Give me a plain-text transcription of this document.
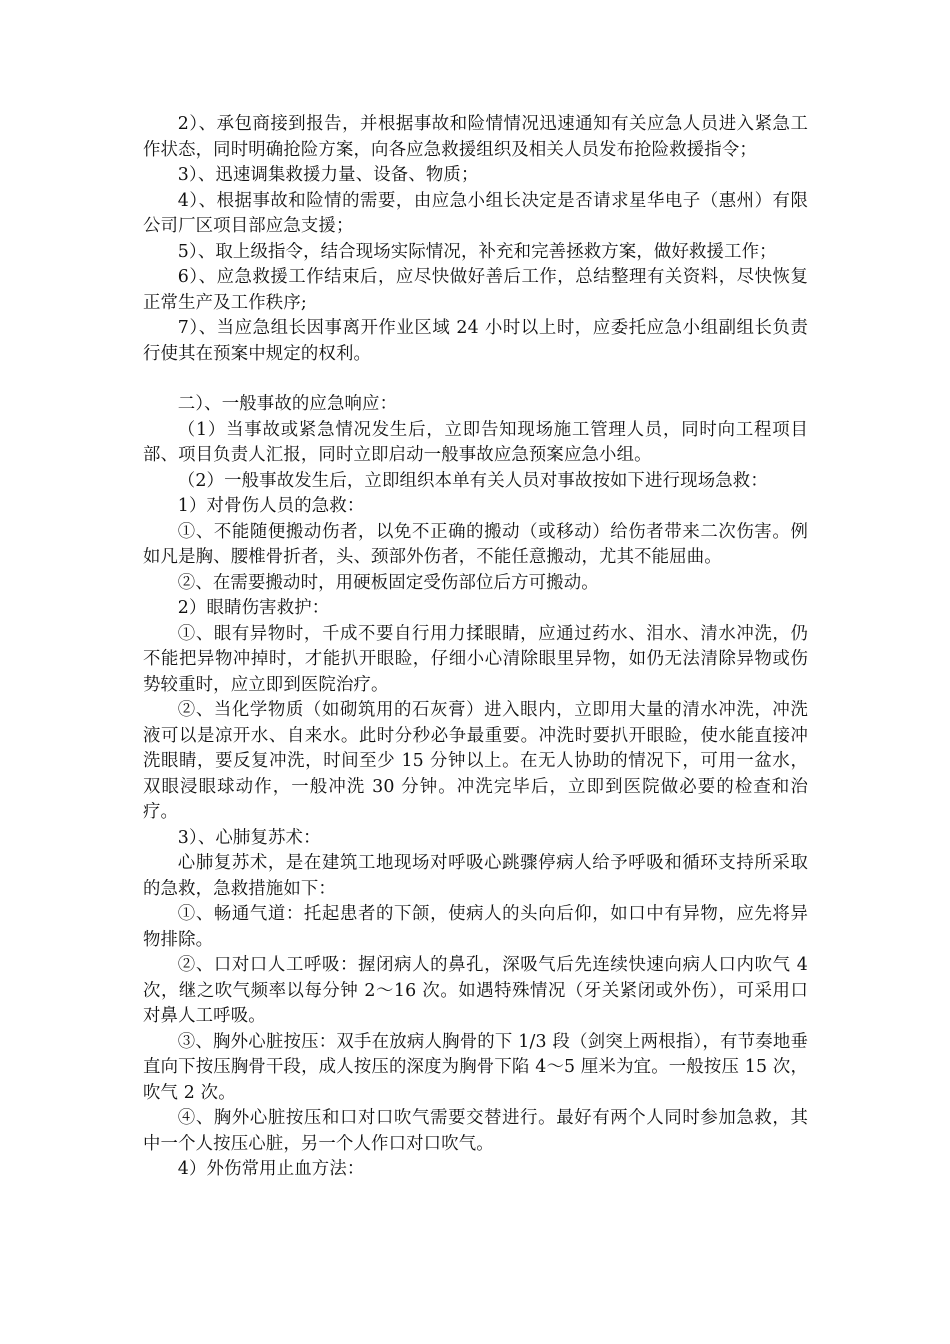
2）、承包商接到报告，并根据事故和险情情况迅速通知有关应急人员进入紧急工作状态，同时明确抢险方案，向各应急救援组织及相关人员发布抢险救援指令；

3）、迅速调集救援力量、设备、物质；

4）、根据事故和险情的需要，由应急小组长决定是否请求星华电子（惠州）有限公司厂区项目部应急支援；

5）、取上级指令，结合现场实际情况，补充和完善拯救方案，做好救援工作；

6）、应急救援工作结束后，应尽快做好善后工作，总结整理有关资料，尽快恢复正常生产及工作秩序;

7）、当应急组长因事离开作业区域 24 小时以上时，应委托应急小组副组长负责行使其在预案中规定的权利。

二）、一般事故的应急响应：

（1）当事故或紧急情况发生后，立即告知现场施工管理人员，同时向工程项目部、项目负责人汇报，同时立即启动一般事故应急预案应急小组。

（2）一般事故发生后，立即组织本单有关人员对事故按如下进行现场急救：

1）对骨伤人员的急救：

①、不能随便搬动伤者，以免不正确的搬动（或移动）给伤者带来二次伤害。例如凡是胸、腰椎骨折者，头、颈部外伤者，不能任意搬动，尤其不能屈曲。

②、在需要搬动时，用硬板固定受伤部位后方可搬动。

2）眼睛伤害救护：

①、眼有异物时，千成不要自行用力揉眼睛，应通过药水、泪水、清水冲洗，仍不能把异物冲掉时，才能扒开眼睑，仔细小心清除眼里异物，如仍无法清除异物或伤势较重时，应立即到医院治疗。

②、当化学物质（如砌筑用的石灰膏）进入眼内，立即用大量的清水冲洗，冲洗液可以是凉开水、自来水。此时分秒必争最重要。冲洗时要扒开眼睑，使水能直接冲洗眼睛，要反复冲洗，时间至少 15 分钟以上。在无人协助的情况下，可用一盆水，双眼浸眼球动作，一般冲洗 30 分钟。冲洗完毕后，立即到医院做必要的检查和治疗。

3）、心肺复苏术：

心肺复苏术，是在建筑工地现场对呼吸心跳骤停病人给予呼吸和循环支持所采取的急救，急救措施如下：

①、畅通气道：托起患者的下颌，使病人的头向后仰，如口中有异物，应先将异物排除。

②、口对口人工呼吸：握闭病人的鼻孔，深吸气后先连续快速向病人口内吹气 4 次，继之吹气频率以每分钟 2～16 次。如遇特殊情况（牙关紧闭或外伤），可采用口对鼻人工呼吸。

③、胸外心脏按压：双手在放病人胸骨的下 1/3 段（剑突上两根指），有节奏地垂直向下按压胸骨干段，成人按压的深度为胸骨下陷 4～5 厘米为宜。一般按压 15 次，吹气 2 次。

④、胸外心脏按压和口对口吹气需要交替进行。最好有两个人同时参加急救，其中一个人按压心脏，另一个人作口对口吹气。

4）外伤常用止血方法：
